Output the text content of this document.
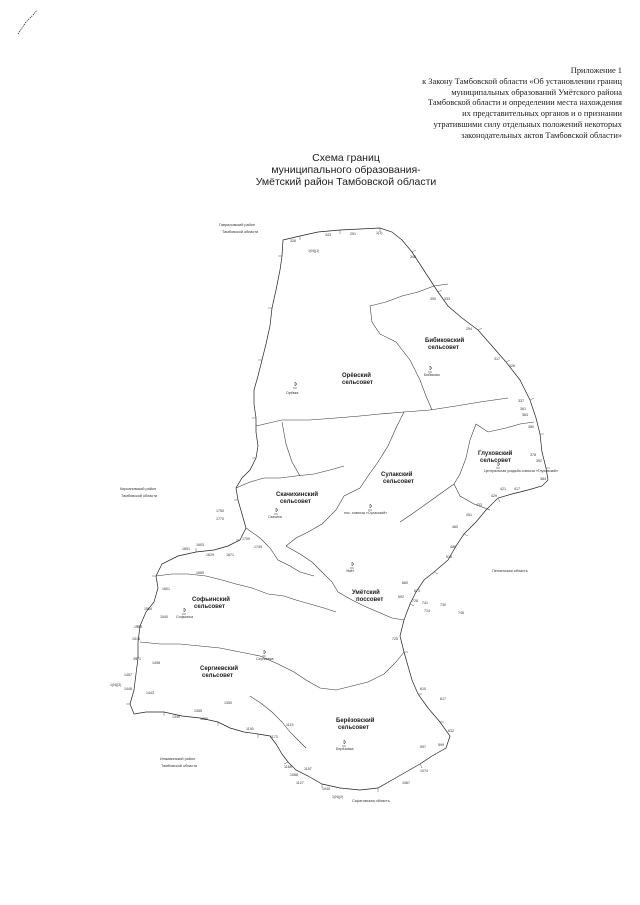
Приложение 1
к Закону Тамбовской области «Об установлении границ
муниципальных образований Умётского района
Тамбовской области и определении места нахождения
их представительных органов и о признании
утратившими силу отдельных положений некоторых
законодательных актов Тамбовской области»
Схема границ
муниципального образования-
Умётский район Тамбовской области
Гавриловский район
Тамбовской области
Кирсановский район
Тамбовской области
Пензенская область
Инжавинский район
Тамбовской области
Саратовская область
Бибиковский
сельсовет
Орёвский
сельсовет
Глуховский
сельсовет
Сулакский
сельсовет
Скачихинский
сельсовет
Умётский
поссовет
Софьинский
сельсовет
Сергиевский
сельсовет
Берёзовский
сельсовет
Орёвка
Бибиково
Центральная усадьба совхоза «Глуховский»
пос. совхоза «Сулакский»
Скачиха
Умёт
Софьинка
Сергиевка
Берёзовка
326
1(1)
343	291
1(N)(1)
346
390 333
294
317
326
337
361
363
380
378
392
384
421 417
429
433
451
460
486
516
1750
1770
1709
1749
1603
1651
1629	1671
1689
1601
1564
1540
1528
1518
1471
1457
1498
1448
1443
1349	1286
1190
1173
1115
1068
1045
1(N)(2)
1074
1067
597	599
632
617
610
725
745
730
714
728 741
692
660
673
1350
1355
1(N)(3)
1127
1197
1168
